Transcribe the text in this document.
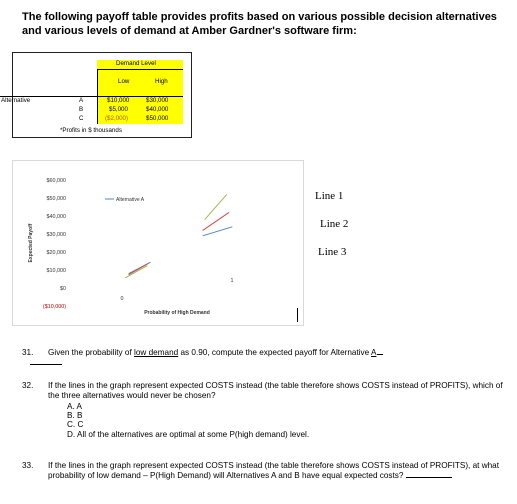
The following payoff table provides profits based on various possible decision alternatives and various levels of demand at Amber Gardner's software firm:
Demand Level
Low	High
Alternative	A	$10,000	$30,000
B	$5,000	$40,000
C	($2,000)	$50,000
*Profits in $ thousands
$60,000
$50,000
$40,000
$30,000
$20,000
$10,000
$0
($10,000)
Expected Payoff
0
1
Probability of High Demand
Alternative A	Line 1
Line 2
Line 3
31. Given the probability of low demand as 0.90, compute the expected payoff for Alternative A
32. If the lines in the graph represent expected COSTS instead (the table therefore shows COSTS instead of PROFITS), which of the three alternatives would never be chosen?
A. A
B. B
C. C
D. All of the alternatives are optimal at some P(high demand) level.
33. If the lines in the graph represent expected COSTS instead (the table therefore shows COSTS instead of PROFITS), at what probability of low demand – P(High Demand) will Alternatives A and B have equal expected costs?
